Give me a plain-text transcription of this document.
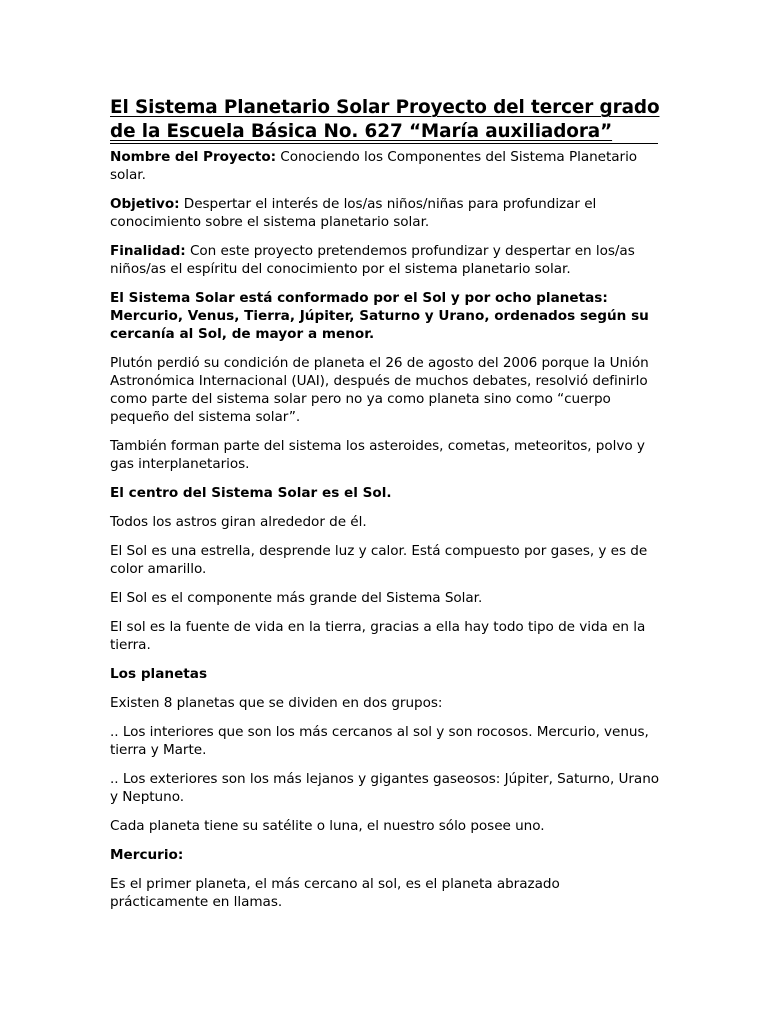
El Sistema Planetario Solar Proyecto del tercer grado
de la Escuela Básica No. 627 “María auxiliadora”

Nombre del Proyecto: Conociendo los Componentes del Sistema Planetario solar.

Objetivo: Despertar el interés de los/as niños/niñas para profundizar el conocimiento sobre el sistema planetario solar.

Finalidad: Con este proyecto pretendemos profundizar y despertar en los/as niños/as el espíritu del conocimiento por el sistema planetario solar.

El Sistema Solar está conformado por el Sol y por ocho planetas: Mercurio, Venus, Tierra, Júpiter, Saturno y Urano, ordenados según su cercanía al Sol, de mayor a menor.

Plutón perdió su condición de planeta el 26 de agosto del 2006 porque la Unión Astronómica Internacional (UAI), después de muchos debates, resolvió definirlo como parte del sistema solar pero no ya como planeta sino como “cuerpo pequeño del sistema solar”.

También forman parte del sistema los asteroides, cometas, meteoritos, polvo y gas interplanetarios.

El centro del Sistema Solar es el Sol.

Todos los astros giran alrededor de él.

El Sol es una estrella, desprende luz y calor. Está compuesto por gases, y es de color amarillo.

El Sol es el componente más grande del Sistema Solar.

El sol es la fuente de vida en la tierra, gracias a ella hay todo tipo de vida en la tierra.

Los planetas

Existen 8 planetas que se dividen en dos grupos:

.. Los interiores que son los más cercanos al sol y son rocosos. Mercurio, venus, tierra y Marte.

.. Los exteriores son los más lejanos y gigantes gaseosos: Júpiter, Saturno, Urano y Neptuno.

Cada planeta tiene su satélite o luna, el nuestro sólo posee uno.

Mercurio:

Es el primer planeta, el más cercano al sol, es el planeta abrazado prácticamente en llamas.
